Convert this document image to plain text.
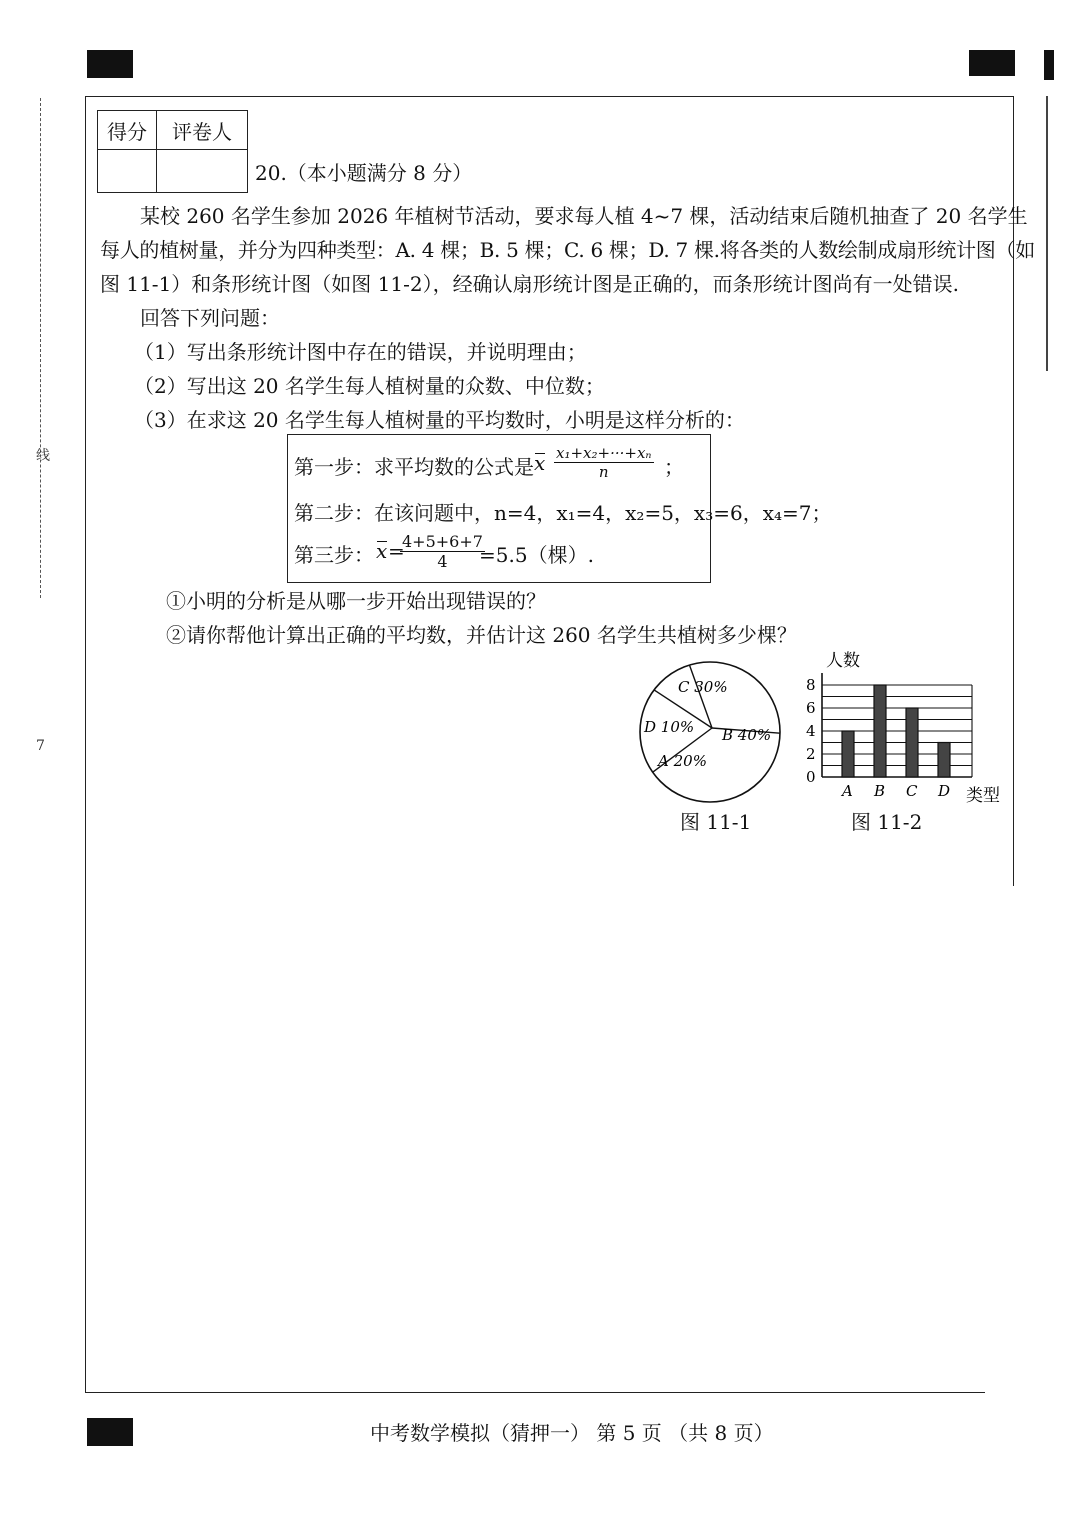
线
7
得分	评卷人

20.（本小题满分 8 分）
某校 260 名学生参加 2026 年植树节活动，要求每人植 4~7 棵，活动结束后随机抽查了 20 名学生
每人的植树量，并分为四种类型：A. 4 棵；B. 5 棵；C. 6 棵；D. 7 棵.将各类的人数绘制成扇形统计图（如
图 11-1）和条形统计图（如图 11-2），经确认扇形统计图是正确的，而条形统计图尚有一处错误.
回答下列问题：
（1）写出条形统计图中存在的错误，并说明理由；
（2）写出这 20 名学生每人植树量的众数、中位数；
（3）在求这 20 名学生每人植树量的平均数时，小明是这样分析的：
第一步：求平均数的公式是 x x₁+x₂+···+xₙ
n	；
第二步：在该问题中，n=4，x₁=4，x₂=5，x₃=6，x₄=7；
第三步： x =
4+5+6+7
4	=5.5（棵）.
①小明的分析是从哪一步开始出现错误的？
②请你帮他计算出正确的平均数，并估计这 260 名学生共植树多少棵？
A 20%
B 40%
C 30%
D 10%
图 11-1
0
2
4
6
8
A B C D
人数
类型
图 11-2
中考数学模拟（猜押一） 第 5 页 （共 8 页）
